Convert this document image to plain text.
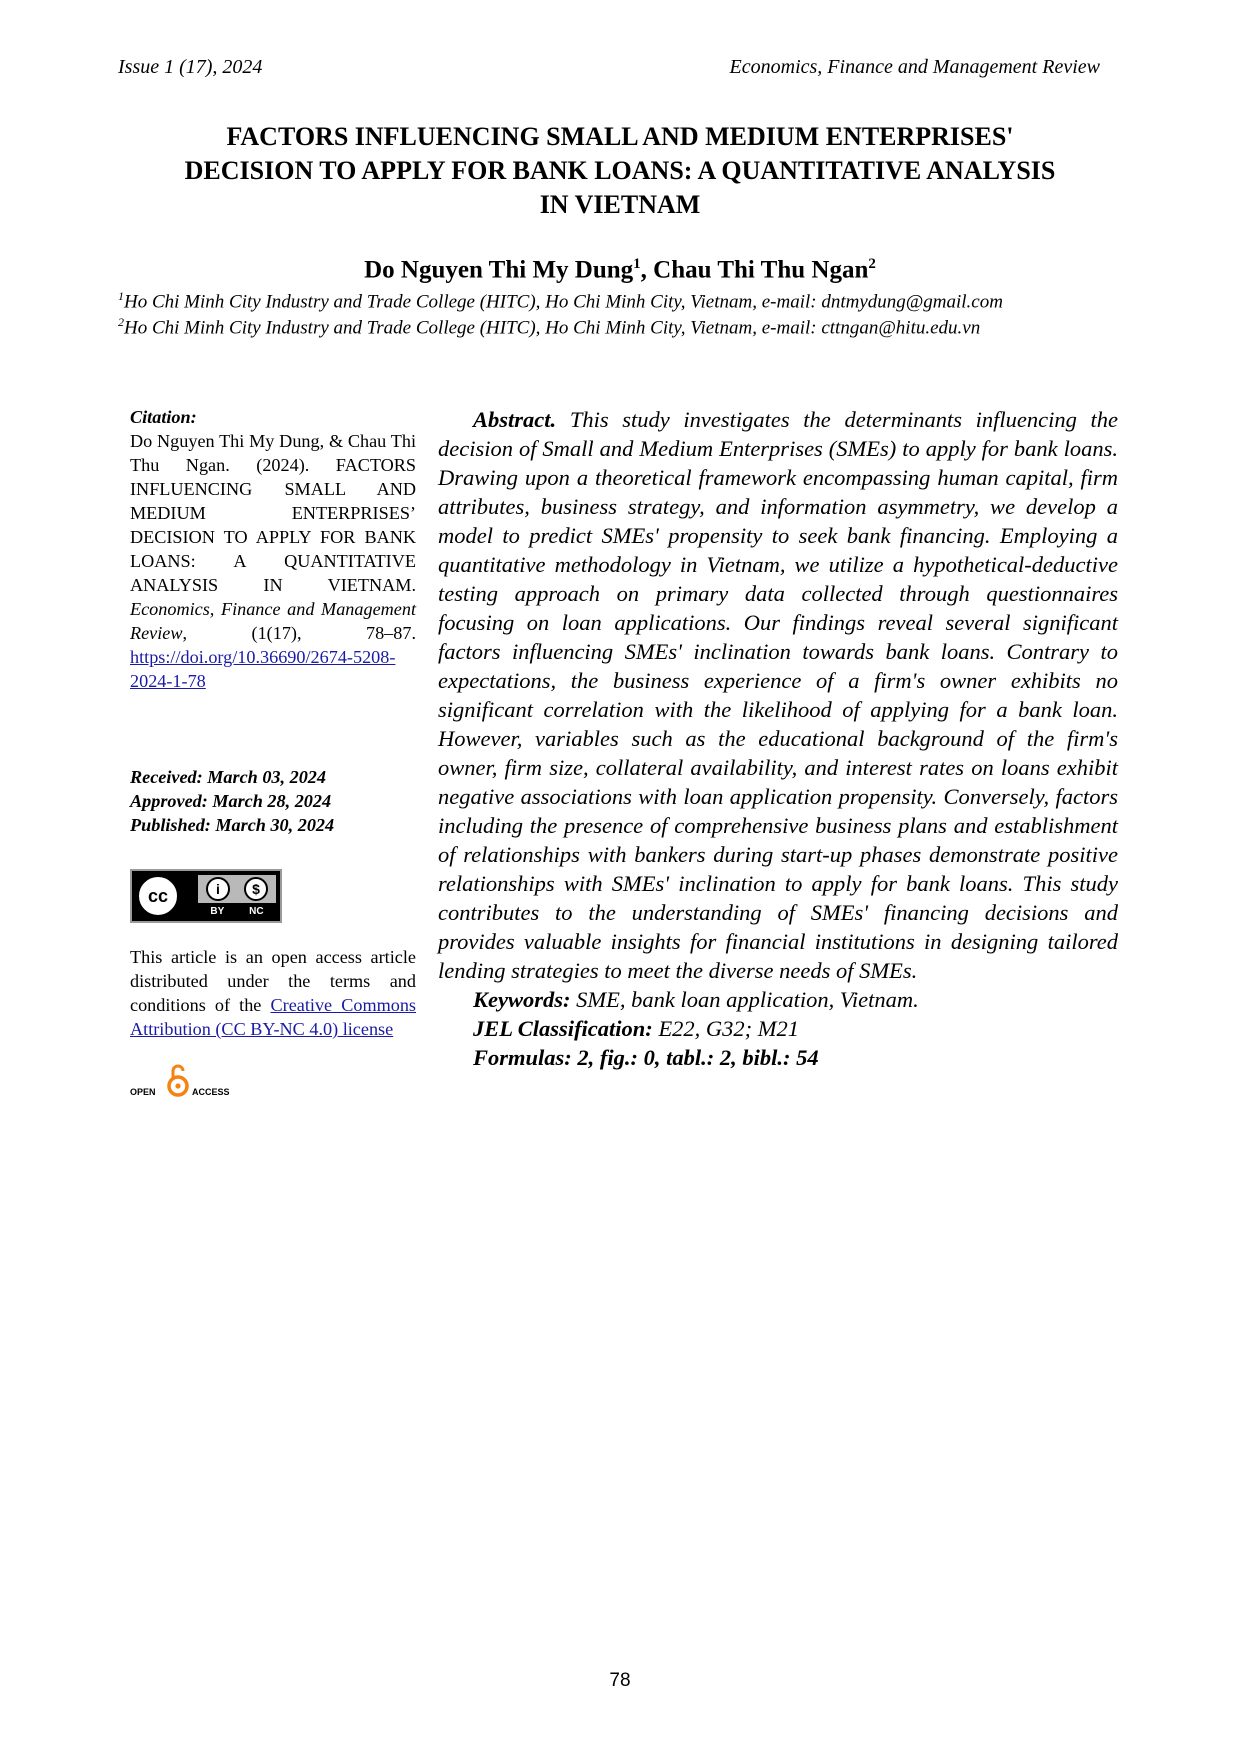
Issue 1 (17), 2024	Economics, Finance and Management Review
FACTORS INFLUENCING SMALL AND MEDIUM ENTERPRISES'
DECISION TO APPLY FOR BANK LOANS: A QUANTITATIVE ANALYSIS
IN VIETNAM
Do Nguyen Thi My Dung$^1$, Chau Thi Thu Ngan$^2$
$^1$Ho Chi Minh City Industry and Trade College (HITC), Ho Chi Minh City, Vietnam, e-mail: dntmydung@gmail.com
$^2$Ho Chi Minh City Industry and Trade College (HITC), Ho Chi Minh City, Vietnam, e-mail: cttngan@hitu.edu.vn
Citation:
Do Nguyen Thi My Dung, & Chau Thi Thu Ngan. (2024). FACTORS INFLUENCING SMALL AND MEDIUM ENTERPRISES’ DECISION TO APPLY FOR BANK LOANS: A QUANTITATIVE ANALYSIS IN VIETNAM. Economics, Finance and Management Review, (1(17), 78–87. https://doi.org/10.36690/2674-5208-2024-1-78
Received: March 03, 2024
Approved: March 28, 2024
Published: March 30, 2024
cc	i	$
BY NC
This article is an open access article distributed under the terms and conditions of the Creative Commons Attribution (CC BY-NC 4.0) license
OPEN	ACCESS

Abstract. This study investigates the determinants influencing the decision of Small and Medium Enterprises (SMEs) to apply for bank loans. Drawing upon a theoretical framework encompassing human capital, firm attributes, business strategy, and information asymmetry, we develop a model to predict SMEs' propensity to seek bank financing. Employing a quantitative methodology in Vietnam, we utilize a hypothetical-deductive testing approach on primary data collected through questionnaires focusing on loan applications. Our findings reveal several significant factors influencing SMEs' inclination towards bank loans. Contrary to expectations, the business experience of a firm's owner exhibits no significant correlation with the likelihood of applying for a bank loan. However, variables such as the educational background of the firm's owner, firm size, collateral availability, and interest rates on loans exhibit negative associations with loan application propensity. Conversely, factors including the presence of comprehensive business plans and establishment of relationships with bankers during start-up phases demonstrate positive relationships with SMEs' inclination to apply for bank loans. This study contributes to the understanding of SMEs' financing decisions and provides valuable insights for financial institutions in designing tailored lending strategies to meet the diverse needs of SMEs.

Keywords: SME, bank loan application, Vietnam.

JEL Classification: E22, G32; M21

Formulas: 2, fig.: 0, tabl.: 2, bibl.: 54

78
